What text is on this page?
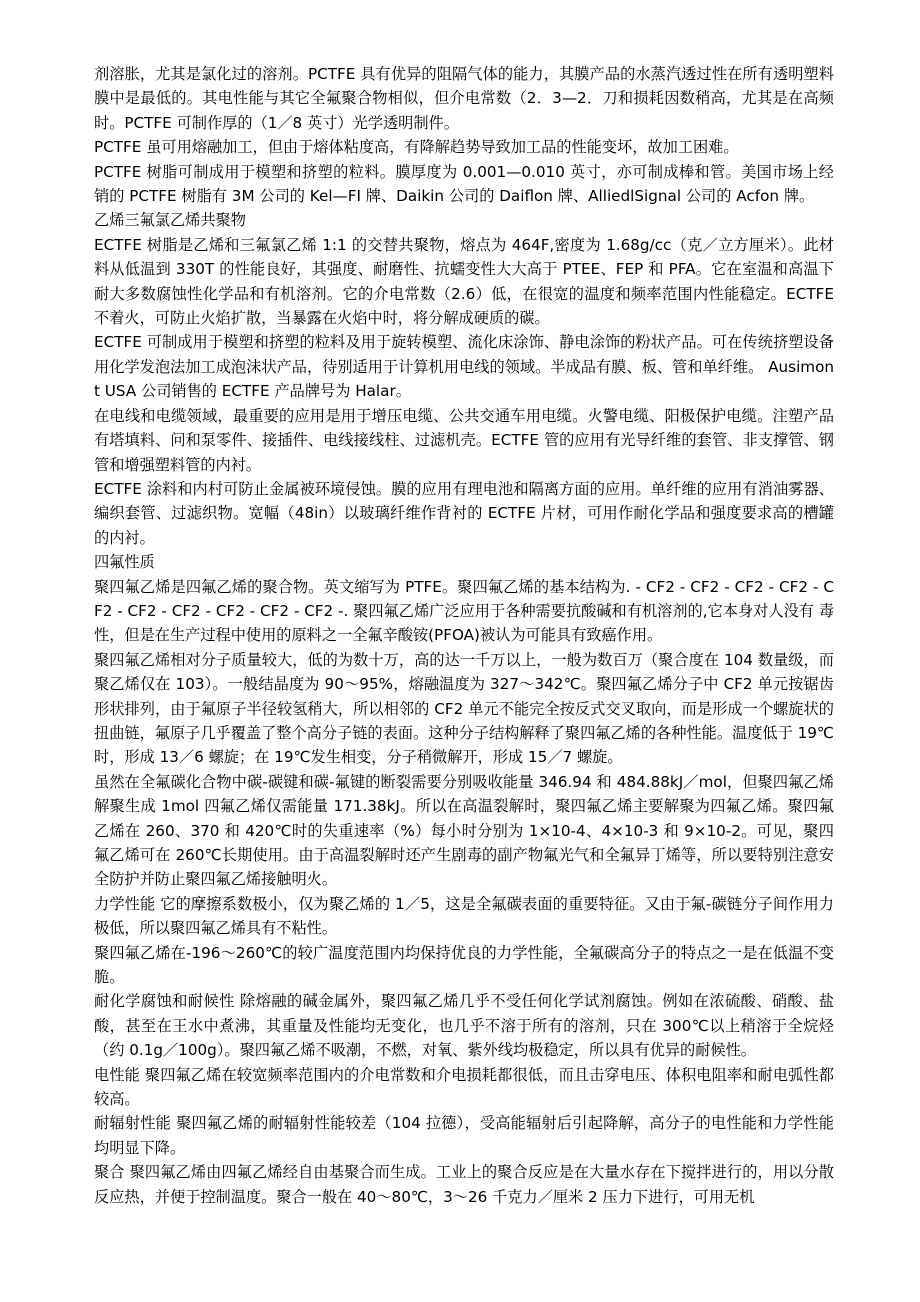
剂溶胀，尤其是氯化过的溶剂。PCTFE 具有优异的阻隔气体的能力，其膜产品的水蒸汽透过性在所有透明塑料膜中是最低的。其电性能与其它全氟聚合物相似，但介电常数（2．3—2．刀和损耗因数稍高，尤其是在高频时。PCTFE 可制作厚的（1／8 英寸）光学透明制件。

PCTFE 虽可用熔融加工，但由于熔体粘度高，有降解趋势导致加工品的性能变坏，故加工困难。

PCTFE 树脂可制成用于模塑和挤塑的粒料。膜厚度为 0.001—0.010 英寸，亦可制成棒和管。美国市场上经销的 PCTFE 树脂有 3M 公司的 Kel—FI 牌、Daikin 公司的 Daiflon 牌、AlliedlSignal 公司的 Acfon 牌。

乙烯三氟氯乙烯共聚物

ECTFE 树脂是乙烯和三氟氯乙烯 1:1 的交替共聚物，熔点为 464F,密度为 1.68g/cc（克／立方厘米）。此材料从低温到 330T 的性能良好，其强度、耐磨性、抗蠕变性大大高于 PTEE、FEP 和 PFA。它在室温和高温下耐大多数腐蚀性化学品和有机溶剂。它的介电常数（2.6）低，在很宽的温度和频率范围内性能稳定。ECTFE 不着火，可防止火焰扩散，当暴露在火焰中时，将分解成硬质的碳。

ECTFE 可制成用于模塑和挤塑的粒料及用于旋转模塑、流化床涂饰、静电涂饰的粉状产品。可在传统挤塑设备用化学发泡法加工成泡沫状产品，待别适用于计算机用电线的领域。半成品有膜、板、管和单纤维。 Ausimont USA 公司销售的 ECTFE 产品牌号为 Halar。

在电线和电缆领域，最重要的应用是用于增压电缆、公共交通车用电缆。火警电缆、阳极保护电缆。注塑产品有塔填料、问和泵零件、接插件、电线接线柱、过滤机壳。ECTFE 管的应用有光导纤维的套管、非支撑管、钢管和增强塑料管的内衬。

ECTFE 涂料和内村可防止金属被环境侵蚀。膜的应用有理电池和隔离方面的应用。单纤维的应用有消油雾器、编织套管、过滤织物。宽幅（48in）以玻璃纤维作背衬的 ECTFE 片材，可用作耐化学品和强度要求高的槽罐的内衬。

四氟性质

聚四氟乙烯是四氟乙烯的聚合物。英文缩写为 PTFE。聚四氟乙烯的基本结构为. - CF2 - CF2 - CF2 - CF2 - CF2 - CF2 - CF2 - CF2 - CF2 - CF2 -. 聚四氟乙烯广泛应用于各种需要抗酸碱和有机溶剂的,它本身对人没有 毒性，但是在生产过程中使用的原料之一全氟辛酸铵(PFOA)被认为可能具有致癌作用。

聚四氟乙烯相对分子质量较大，低的为数十万，高的达一千万以上，一般为数百万（聚合度在 104 数量级，而聚乙烯仅在 103）。一般结晶度为 90～95%，熔融温度为 327～342℃。聚四氟乙烯分子中 CF2 单元按锯齿形状排列，由于氟原子半径较氢稍大，所以相邻的 CF2 单元不能完全按反式交叉取向，而是形成一个螺旋状的扭曲链，氟原子几乎覆盖了整个高分子链的表面。这种分子结构解释了聚四氟乙烯的各种性能。温度低于 19℃时，形成 13／6 螺旋；在 19℃发生相变，分子稍微解开，形成 15／7 螺旋。

虽然在全氟碳化合物中碳-碳键和碳-氟键的断裂需要分别吸收能量 346.94 和 484.88kJ／mol，但聚四氟乙烯解聚生成 1mol 四氟乙烯仅需能量 171.38kJ。所以在高温裂解时，聚四氟乙烯主要解聚为四氟乙烯。聚四氟乙烯在 260、370 和 420℃时的失重速率（%）每小时分别为 1×10-4、4×10-3 和 9×10-2。可见，聚四氟乙烯可在 260℃长期使用。由于高温裂解时还产生剧毒的副产物氟光气和全氟异丁烯等，所以要特别注意安全防护并防止聚四氟乙烯接触明火。

力学性能 它的摩擦系数极小，仅为聚乙烯的 1／5，这是全氟碳表面的重要特征。又由于氟-碳链分子间作用力极低，所以聚四氟乙烯具有不粘性。

聚四氟乙烯在-196～260℃的较广温度范围内均保持优良的力学性能，全氟碳高分子的特点之一是在低温不变脆。

耐化学腐蚀和耐候性 除熔融的碱金属外，聚四氟乙烯几乎不受任何化学试剂腐蚀。例如在浓硫酸、硝酸、盐酸，甚至在王水中煮沸，其重量及性能均无变化，也几乎不溶于所有的溶剂，只在 300℃以上稍溶于全烷烃（约 0.1g／100g）。聚四氟乙烯不吸潮，不燃，对氧、紫外线均极稳定，所以具有优异的耐候性。

电性能 聚四氟乙烯在较宽频率范围内的介电常数和介电损耗都很低，而且击穿电压、体积电阻率和耐电弧性都较高。

耐辐射性能 聚四氟乙烯的耐辐射性能较差（104 拉德），受高能辐射后引起降解，高分子的电性能和力学性能均明显下降。

聚合 聚四氟乙烯由四氟乙烯经自由基聚合而生成。工业上的聚合反应是在大量水存在下搅拌进行的，用以分散反应热，并便于控制温度。聚合一般在 40～80℃，3～26 千克力／厘米 2 压力下进行，可用无机
